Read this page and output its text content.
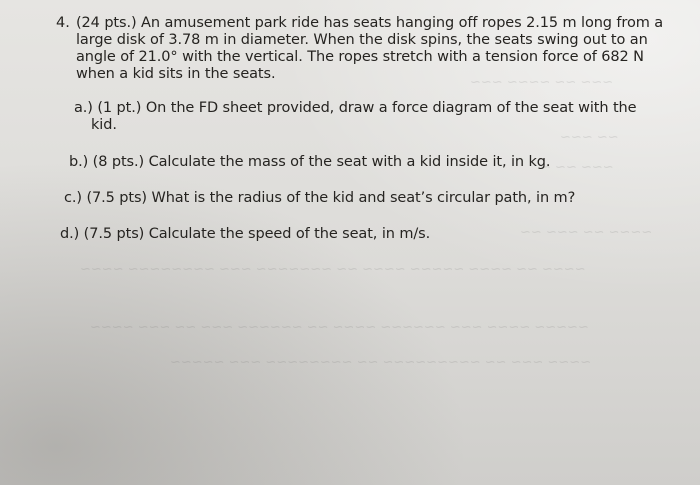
~~~ ~~ ~~~~ ~~~
~~ ~~~
~~~ ~~ ~
~~~~ ~~ ~~~ ~~
~~~~ ~~ ~~~~ ~~~~~ ~~~~ ~~ ~~~~~~~ ~~~ ~~~~~~~~ ~~~~
~~~~~ ~~~~ ~~~ ~~~~~~ ~~~~ ~~ ~~~~~~ ~~~ ~~ ~~~ ~~~~
~~~~ ~~~ ~~ ~~~~~~~~~ ~~ ~~~~~~~~ ~~~ ~~~~~
4. (24 pts.) An amusement park ride has seats hanging off ropes 2.15 m long from a
large disk of 3.78 m in diameter. When the disk spins, the seats swing out to an
angle of 21.0° with the vertical. The ropes stretch with a tension force of 682 N
when a kid sits in the seats.
a.) (1 pt.) On the FD sheet provided, draw a force diagram of the seat with the
kid.
b.) (8 pts.) Calculate the mass of the seat with a kid inside it, in kg.
c.) (7.5 pts) What is the radius of the kid and seat’s circular path, in m?
d.) (7.5 pts) Calculate the speed of the seat, in m/s.
